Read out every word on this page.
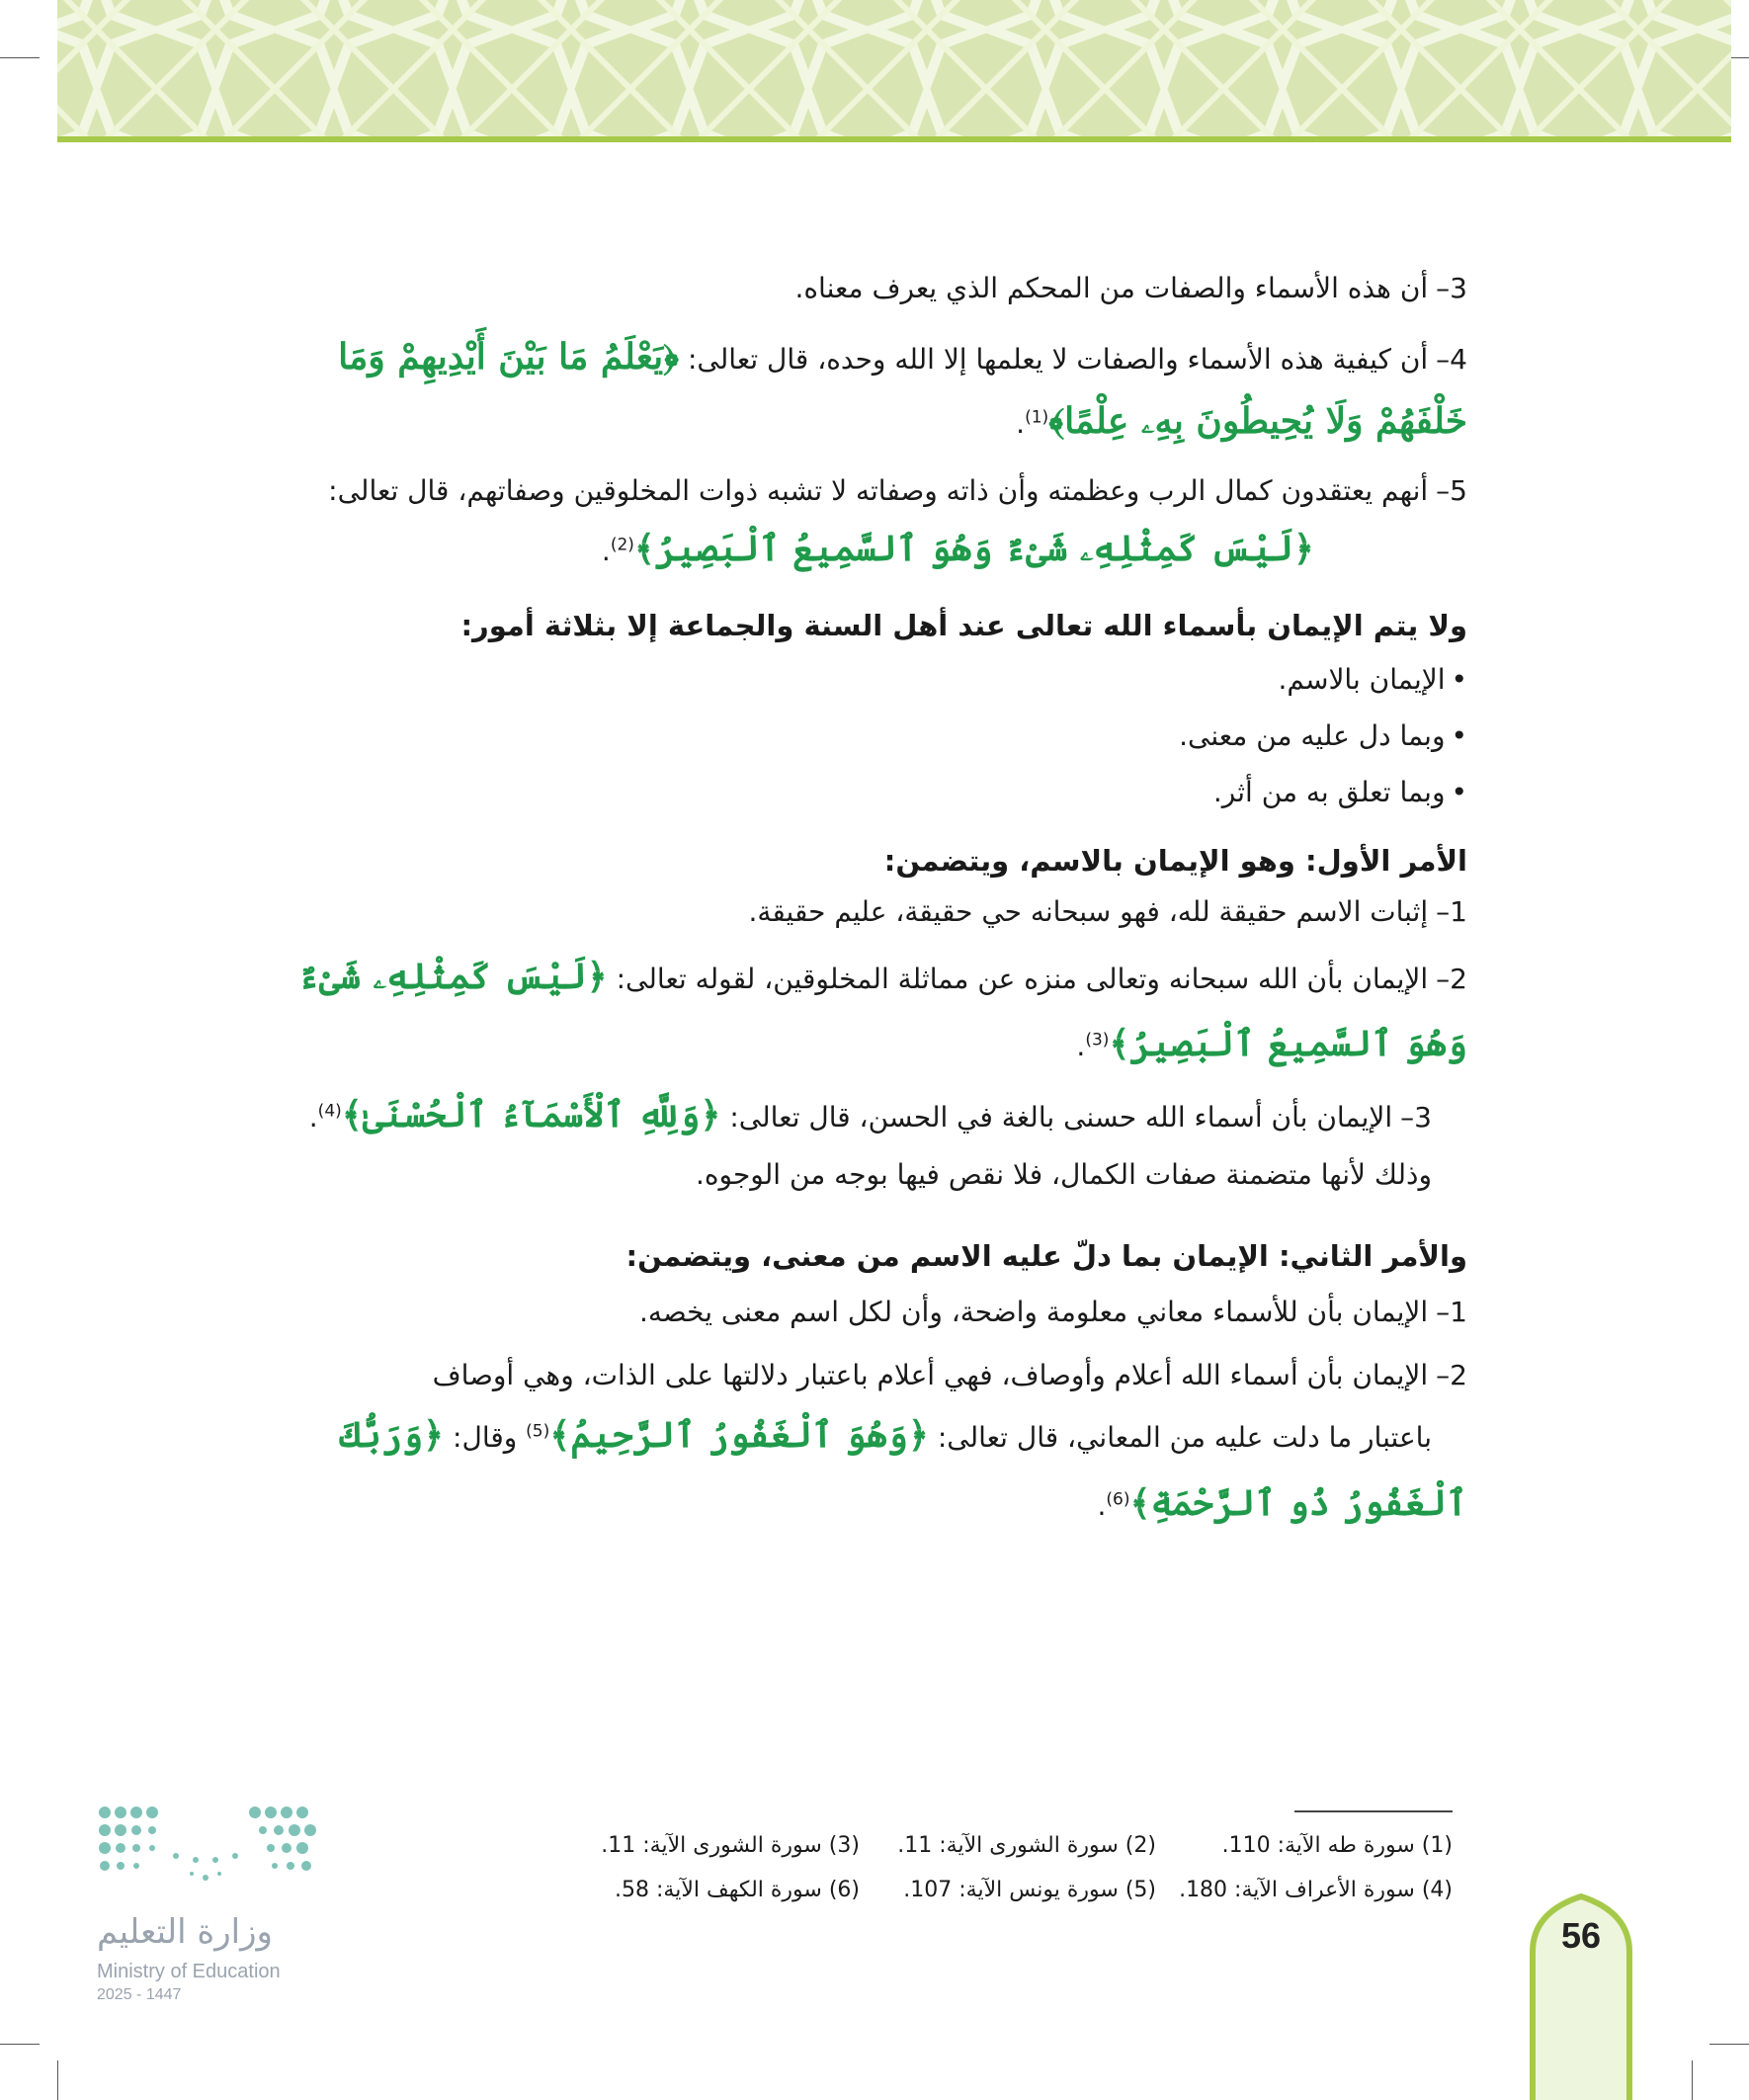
3–أن هذه الأسماء والصفات من المحكم الذي يعرف معناه.

4–أن كيفية هذه الأسماء والصفات لا يعلمها إلا الله وحده، قال تعالى: ﴿يَعْلَمُ مَا بَيْنَ أَيْدِيهِمْ وَمَا خَلْفَهُمْ وَلَا يُحِيطُونَ بِهِۦ عِلْمًا﴾$^{(1)}$.

5–أنهم يعتقدون كمال الرب وعظمته وأن ذاته وصفاته لا تشبه ذوات المخلوقين وصفاتهم، قال تعالى:
﴿لَيْسَ كَمِثْلِهِۦ شَىْءٌ وَهُوَ ٱلسَّمِيعُ ٱلْبَصِيرُ﴾$^{(2)}$.

ولا يتم الإيمان بأسماء الله تعالى عند أهل السنة والجماعة إلا بثلاثة أمور:

• الإيمان بالاسم.

• وبما دل عليه من معنى.

• وبما تعلق به من أثر.

الأمر الأول: وهو الإيمان بالاسم، ويتضمن:

1–إثبات الاسم حقيقة لله، فهو سبحانه حي حقيقة، عليم حقيقة.

2–الإيمان بأن الله سبحانه وتعالى منزه عن مماثلة المخلوقين، لقوله تعالى: ﴿لَيْسَ كَمِثْلِهِۦ شَىْءٌ وَهُوَ ٱلسَّمِيعُ ٱلْبَصِيرُ﴾$^{(3)}$.

3–الإيمان بأن أسماء الله حسنى بالغة في الحسن، قال تعالى: ﴿وَلِلَّهِ ٱلْأَسْمَآءُ ٱلْحُسْنَىٰ﴾$^{(4)}$.

وذلك لأنها متضمنة صفات الكمال، فلا نقص فيها بوجه من الوجوه.

والأمر الثاني: الإيمان بما دلّ عليه الاسم من معنى، ويتضمن:

1–الإيمان بأن للأسماء معاني معلومة واضحة، وأن لكل اسم معنى يخصه.

2–الإيمان بأن أسماء الله أعلام وأوصاف، فهي أعلام باعتبار دلالتها على الذات، وهي أوصاف
باعتبار ما دلت عليه من المعاني، قال تعالى: ﴿وَهُوَ ٱلْغَفُورُ ٱلرَّحِيمُ﴾$^{(5)}$ وقال: ﴿وَرَبُّكَ ٱلْغَفُورُ ذُو ٱلرَّحْمَةِ﴾$^{(6)}$.

(1) سورة طه الآية: 110.
(2) سورة الشورى الآية: 11.
(3) سورة الشورى الآية: 11.
(4) سورة الأعراف الآية: 180.
(5) سورة يونس الآية: 107.
(6) سورة الكهف الآية: 58.
وزارة التعليم
Ministry of Education
2025 - 1447
56
